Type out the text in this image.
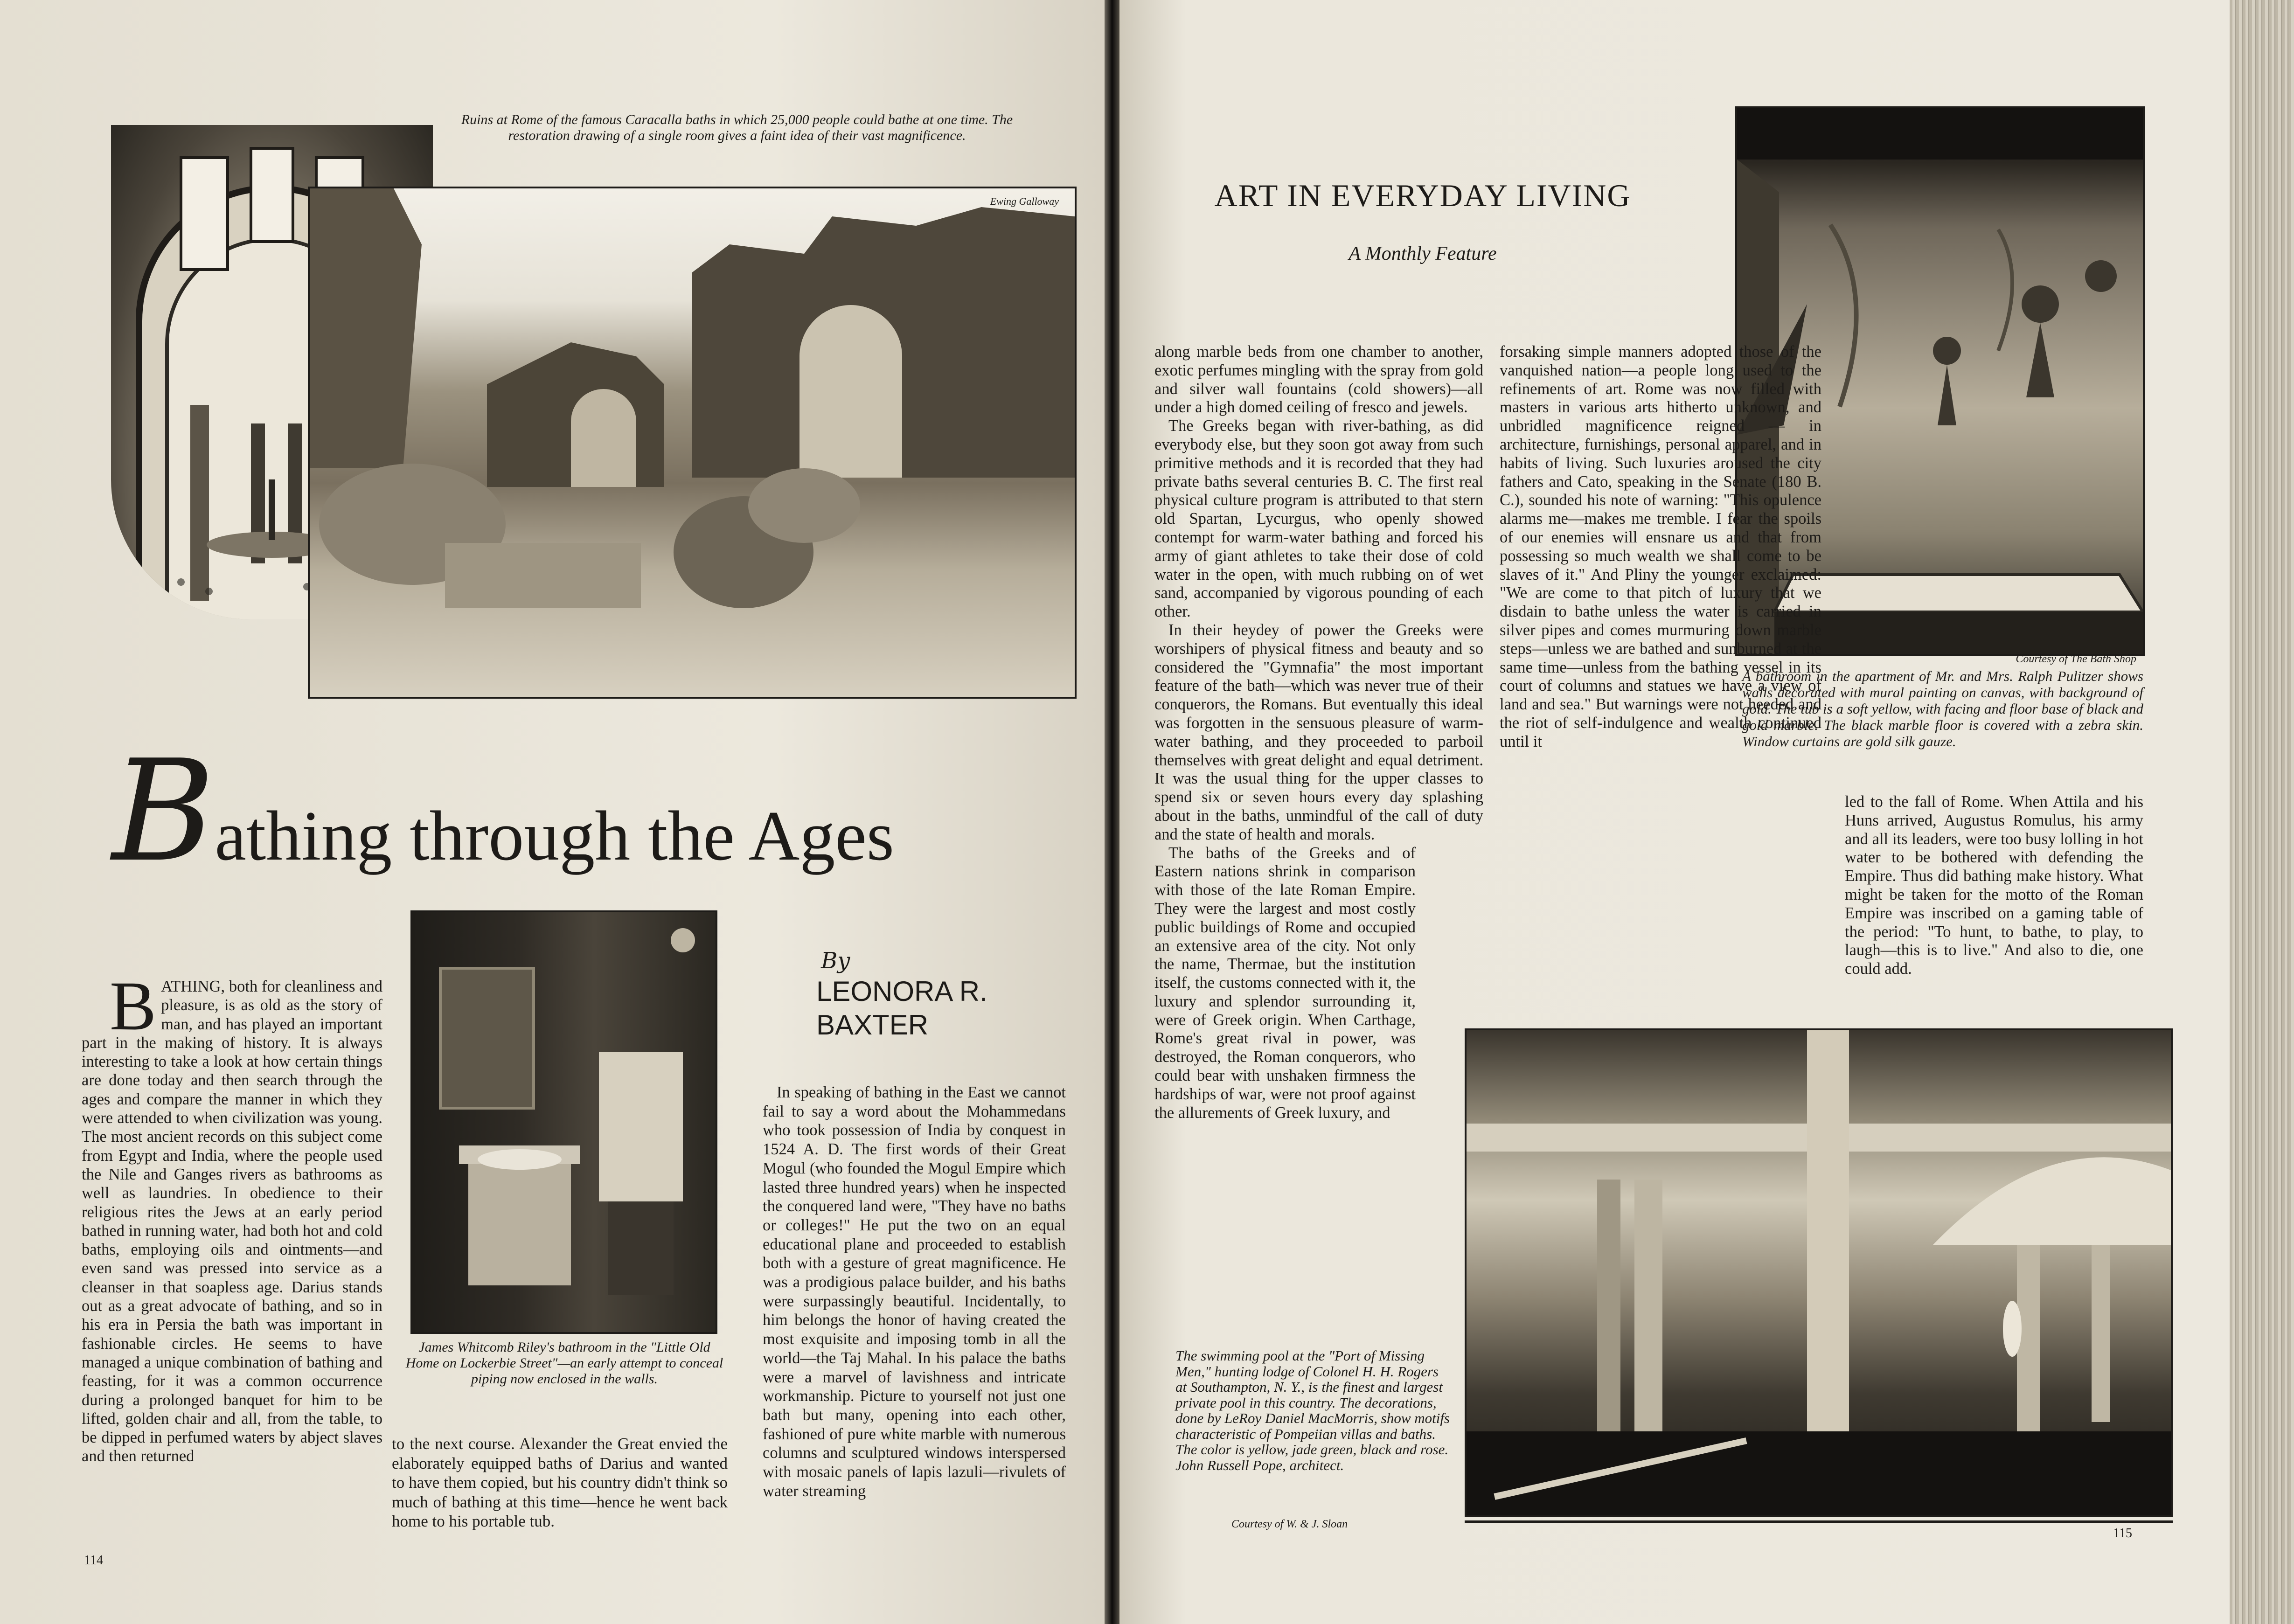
Ewing Galloway
Ruins at Rome of the famous Caracalla baths in which 25,000 people could bathe at one time. The restoration drawing of a single room gives a faint idea of their vast magnificence.
Bathing through the Ages
James Whitcomb Riley's bathroom in the "Little Old Home on Lockerbie Street"—an early attempt to conceal piping now enclosed in the walls.
By
LEONORA R. BAXTER
BATHING, both for cleanliness and pleasure, is as old as the story of man, and has played an important part in the making of history. It is always interesting to take a look at how certain things are done today and then search through the ages and compare the manner in which they were attended to when civilization was young. The most ancient records on this subject come from Egypt and India, where the people used the Nile and Ganges rivers as bathrooms as well as laundries. In obedience to their religious rites the Jews at an early period bathed in running water, had both hot and cold baths, employing oils and ointments—and even sand was pressed into service as a cleanser in that soapless age. Darius stands out as a great advocate of bathing, and so in his era in Persia the bath was important in fashionable circles. He seems to have managed a unique combination of bathing and feasting, for it was a common occurrence during a prolonged banquet for him to be lifted, golden chair and all, from the table, to be dipped in perfumed waters by abject slaves and then returned
to the next course. Alexander the Great envied the elaborately equipped baths of Darius and wanted to have them copied, but his country didn't think so much of bathing at this time—hence he went back home to his portable tub.
In speaking of bathing in the East we cannot fail to say a word about the Mohammedans who took possession of India by conquest in 1524 A. D. The first words of their Great Mogul (who founded the Mogul Empire which lasted three hundred years) when he inspected the conquered land were, "They have no baths or colleges!" He put the two on an equal educational plane and proceeded to establish both with a gesture of great magnificence. He was a prodigious palace builder, and his baths were surpassingly beautiful. Incidentally, to him belongs the honor of having created the most exquisite and imposing tomb in all the world—the Taj Mahal. In his palace the baths were a marvel of lavishness and intricate workmanship. Picture to yourself not just one bath but many, opening into each other, fashioned of pure white marble with numerous columns and sculptured windows interspersed with mosaic panels of lapis lazuli—rivulets of water streaming
114
ART IN EVERYDAY LIVING
A Monthly Feature
Courtesy of The Bath Shop
A bathroom in the apartment of Mr. and Mrs. Ralph Pulitzer shows walls decorated with mural painting on canvas, with background of gold. The tub is a soft yellow, with facing and floor base of black and gold marble. The black marble floor is covered with a zebra skin. Window curtains are gold silk gauze.

along marble beds from one chamber to another, exotic perfumes mingling with the spray from gold and silver wall fountains (cold showers)—all under a high domed ceiling of fresco and jewels.

The Greeks began with river-bathing, as did everybody else, but they soon got away from such primitive methods and it is recorded that they had private baths several centuries B. C. The first real physical culture program is attributed to that stern old Spartan, Lycurgus, who openly showed contempt for warm-water bathing and forced his army of giant athletes to take their dose of cold water in the open, with much rubbing on of wet sand, accompanied by vigorous pounding of each other.

In their heydey of power the Greeks were worshipers of physical fitness and beauty and so considered the "Gymnafia" the most important feature of the bath—which was never true of their conquerors, the Romans. But eventually this ideal was forgotten in the sensuous pleasure of warm-water bathing, and they proceeded to parboil themselves with great delight and equal detriment. It was the usual thing for the upper classes to spend six or seven hours every day splashing about in the baths, unmindful of the call of duty and the state of health and morals.

The baths of the Greeks and of Eastern nations shrink in comparison with those of the late Roman Empire. They were the largest and most costly public buildings of Rome and occupied an extensive area of the city. Not only the name, Thermae, but the institution itself, the customs connected with it, the luxury and splendor surrounding it, were of Greek origin. When Carthage, Rome's great rival in power, was destroyed, the Roman conquerors, who could bear with unshaken firmness the hardships of war, were not proof against the allurements of Greek luxury, and

forsaking simple manners adopted those of the vanquished nation—a people long used to the refinements of art. Rome was now filled with masters in various arts hitherto unknown, and unbridled magnificence reigned — in architecture, furnishings, personal apparel, and in habits of living. Such luxuries aroused the city fathers and Cato, speaking in the Senate (180 B. C.), sounded his note of warning: "This opulence alarms me—makes me tremble. I fear the spoils of our enemies will ensnare us and that from possessing so much wealth we shall come to be slaves of it." And Pliny the younger exclaimed: "We are come to that pitch of luxury that we disdain to bathe unless the water is carried in silver pipes and comes murmuring down marble steps—unless we are bathed and sunburned at the same time—unless from the bathing vessel in its court of columns and statues we have a view of land and sea." But warnings were not heeded and the riot of self-indulgence and wealth continued until it
led to the fall of Rome. When Attila and his Huns arrived, Augustus Romulus, his army and all its leaders, were too busy lolling in hot water to be bothered with defending the Empire. Thus did bathing make history. What might be taken for the motto of the Roman Empire was inscribed on a gaming table of the period: "To hunt, to bathe, to play, to laugh—this is to live." And also to die, one could add.
The swimming pool at the "Port of Missing Men," hunting lodge of Colonel H. H. Rogers at Southampton, N. Y., is the finest and largest private pool in this country. The decorations, done by LeRoy Daniel MacMorris, show motifs characteristic of Pompeiian villas and baths. The color is yellow, jade green, black and rose. John Russell Pope, architect.
Courtesy of W. & J. Sloan
115
